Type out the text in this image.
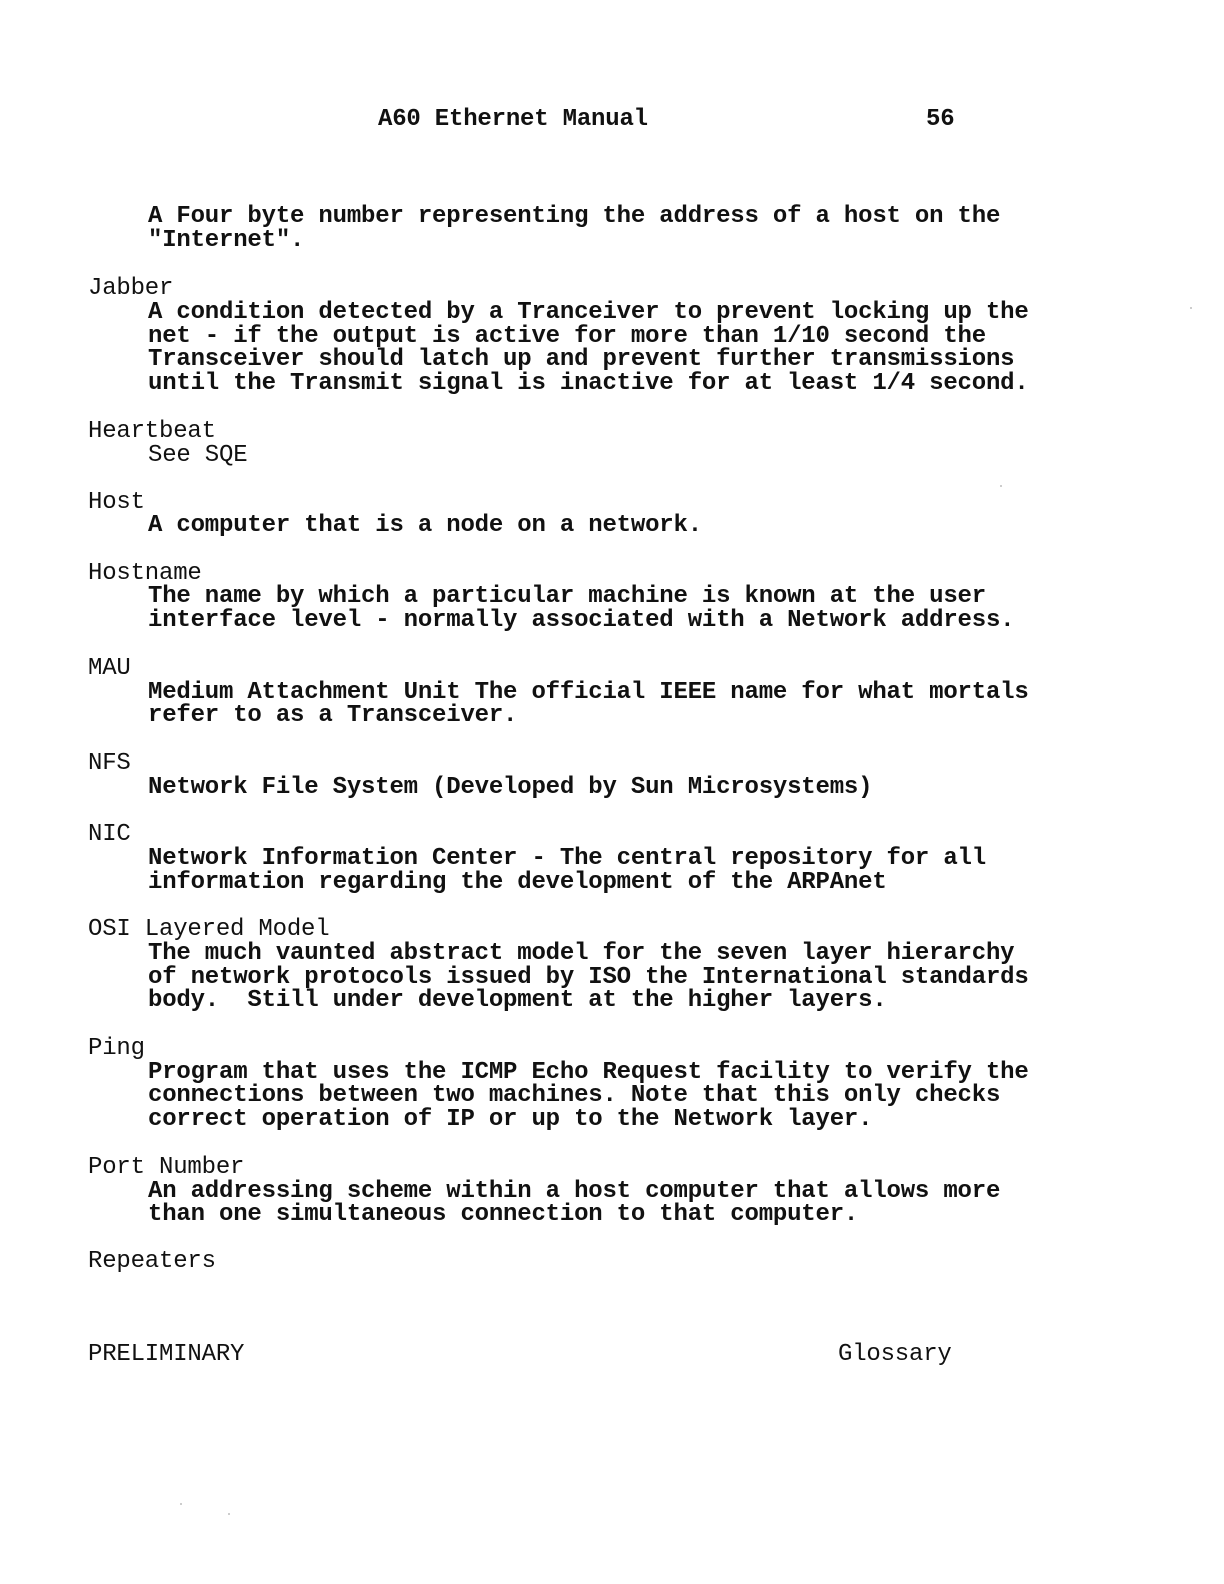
A60 Ethernet Manual	56
A Four byte number representing the address of a host on the
"Internet".
Jabber
A condition detected by a Tranceiver to prevent locking up the
net - if the output is active for more than 1/10 second the
Transceiver should latch up and prevent further transmissions
until the Transmit signal is inactive for at least 1/4 second.
Heartbeat
See SQE
Host
A computer that is a node on a network.
Hostname
The name by which a particular machine is known at the user
interface level - normally associated with a Network address.
MAU
Medium Attachment Unit The official IEEE name for what mortals
refer to as a Transceiver.
NFS
Network File System (Developed by Sun Microsystems)
NIC
Network Information Center - The central repository for all
information regarding the development of the ARPAnet
OSI Layered Model
The much vaunted abstract model for the seven layer hierarchy
of network protocols issued by ISO the International standards
body.  Still under development at the higher layers.
Ping
Program that uses the ICMP Echo Request facility to verify the
connections between two machines. Note that this only checks
correct operation of IP or up to the Network layer.
Port Number
An addressing scheme within a host computer that allows more
than one simultaneous connection to that computer.
Repeaters
PRELIMINARY	Glossary
